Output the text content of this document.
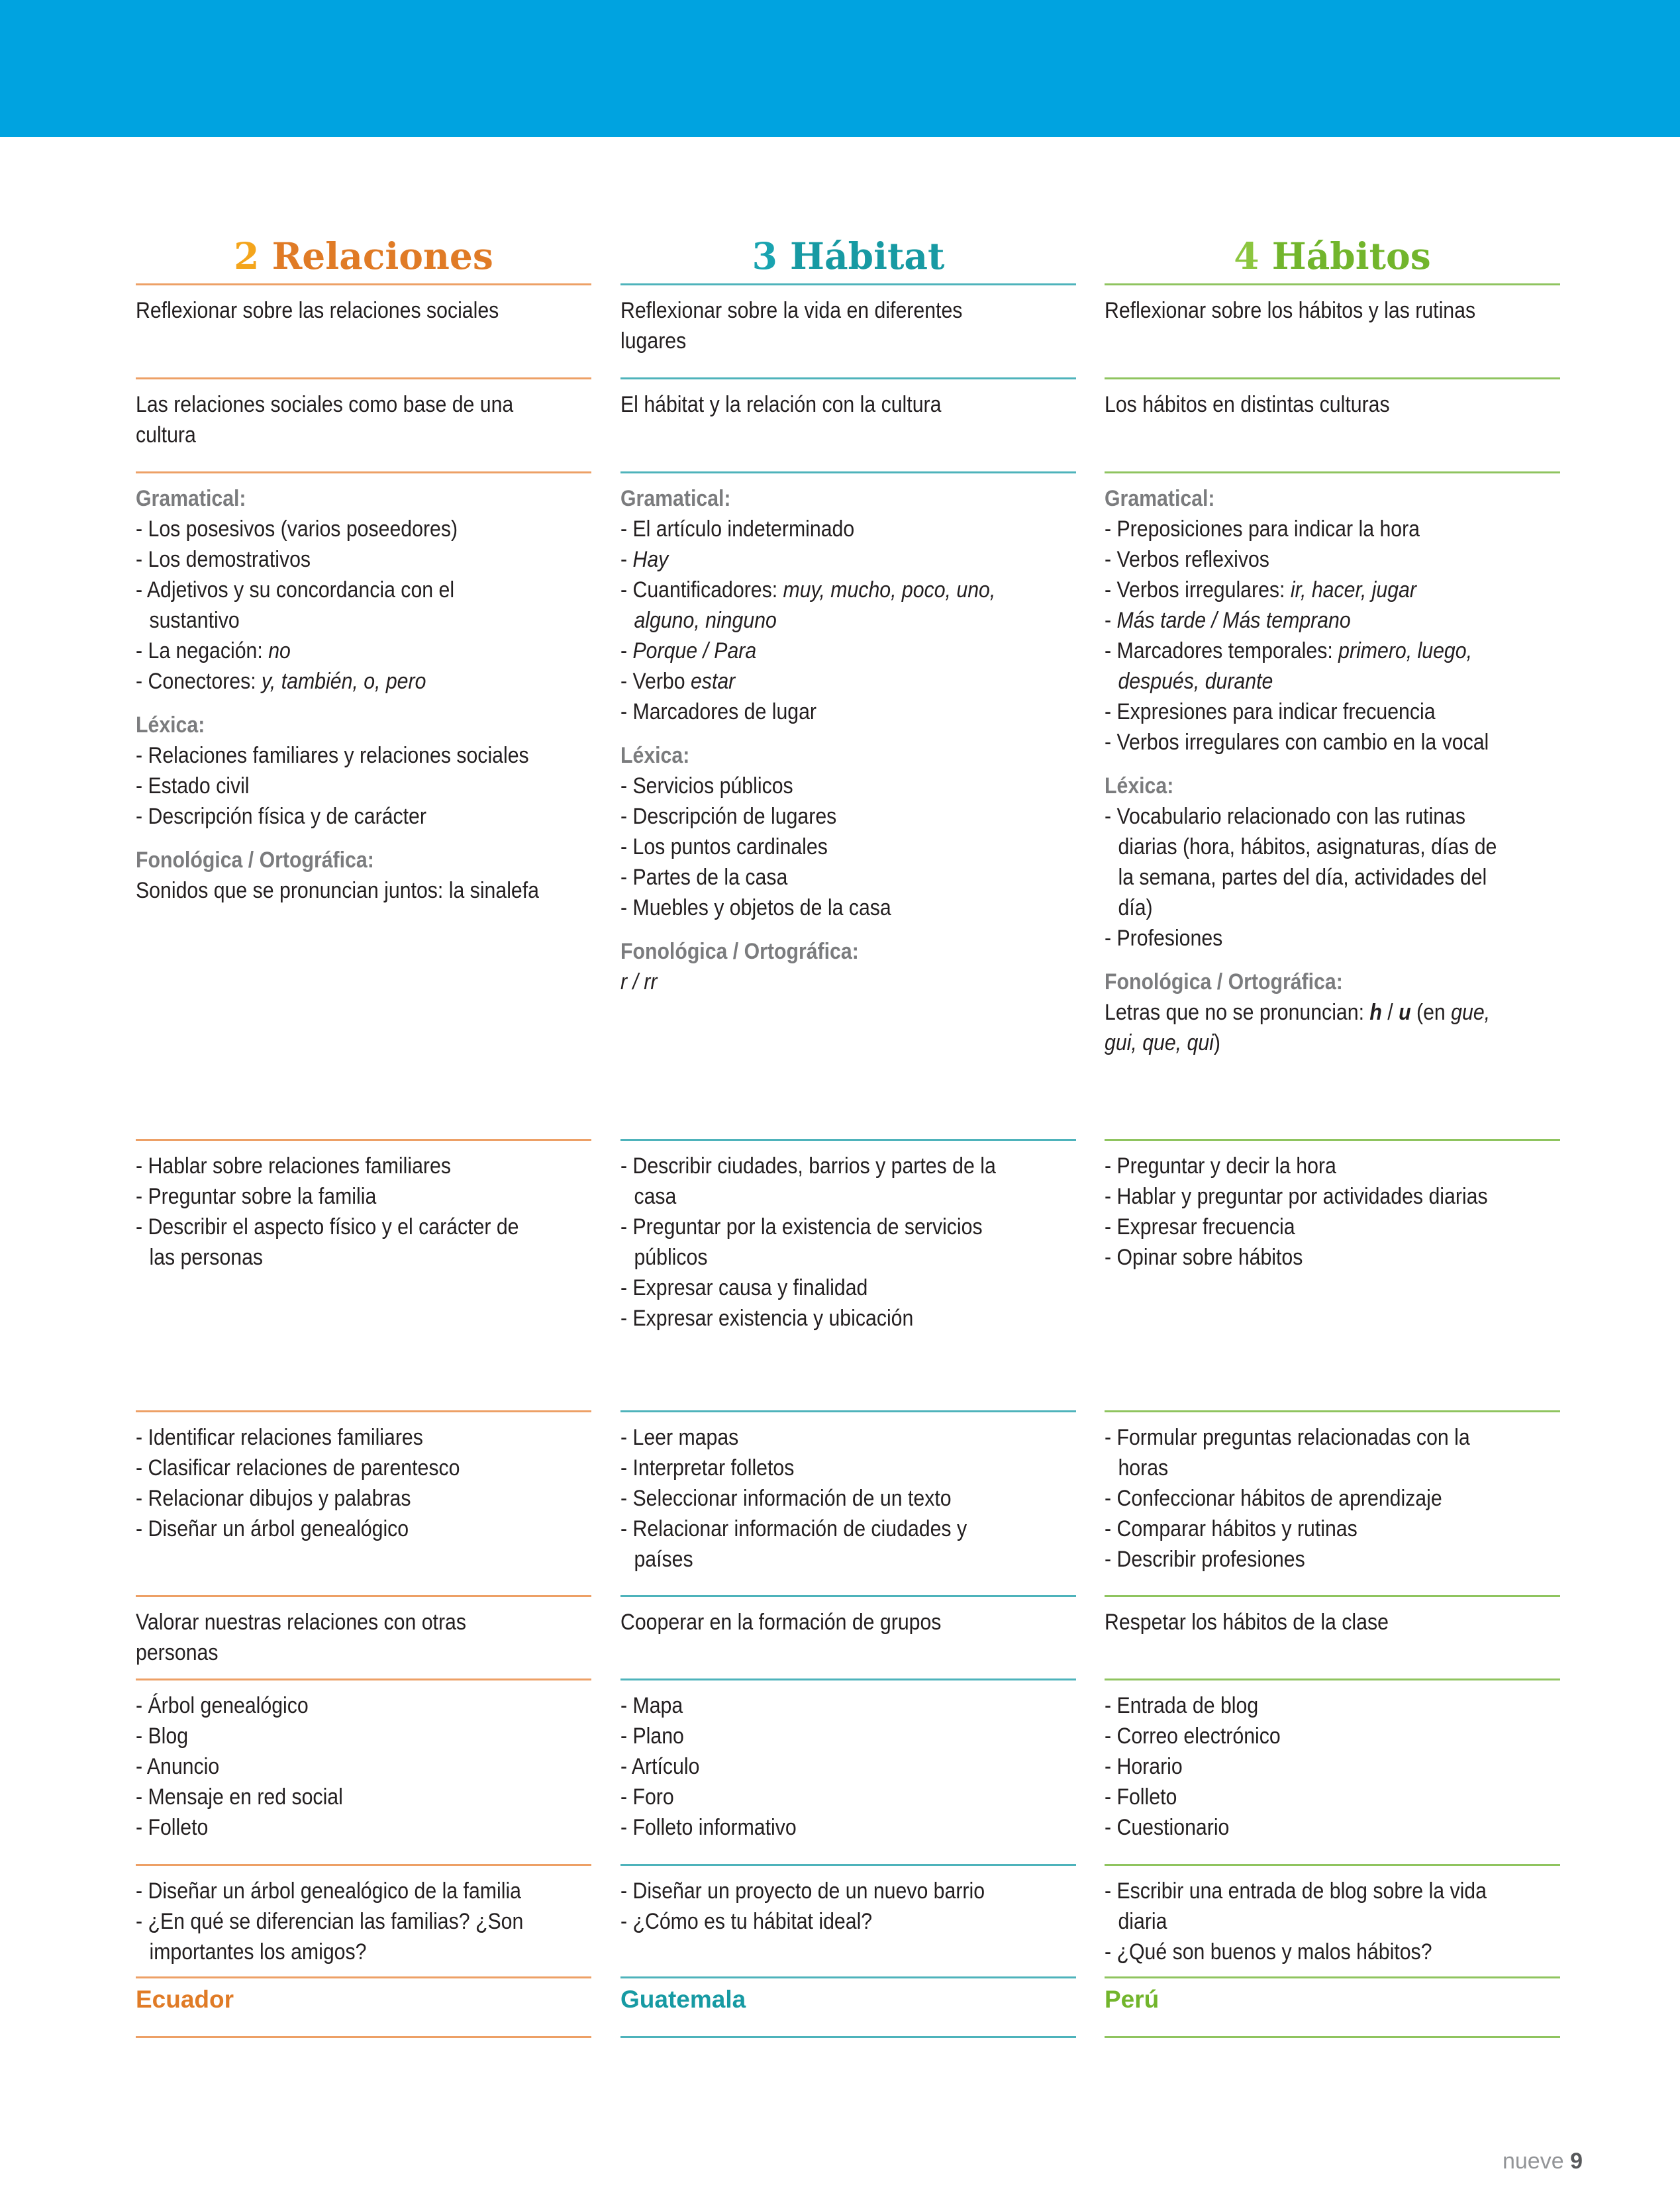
2 Relaciones
Ecuador

Reflexionar sobre las relaciones sociales

Las relaciones sociales como base de una cultura

Gramatical:

- Los posesivos (varios poseedores)

- Los demostrativos

- Adjetivos y su concordancia con el sustantivo

- La negación: no

- Conectores: y, también, o, pero

Léxica:

- Relaciones familiares y relaciones sociales

- Estado civil

- Descripción física y de carácter

Fonológica / Ortográfica:

Sonidos que se pronuncian juntos: la sinalefa

- Hablar sobre relaciones familiares

- Preguntar sobre la familia

- Describir el aspecto físico y el carácter de las personas

- Identificar relaciones familiares

- Clasificar relaciones de parentesco

- Relacionar dibujos y palabras

- Diseñar un árbol genealógico

Valorar nuestras relaciones con otras personas

- Árbol genealógico

- Blog

- Anuncio

- Mensaje en red social

- Folleto

- Diseñar un árbol genealógico de la familia

- ¿En qué se diferencian las familias? ¿Son importantes los amigos?

3 Hábitat
Guatemala

Reflexionar sobre la vida en diferentes lugares

El hábitat y la relación con la cultura

Gramatical:

- El artículo indeterminado

- Hay

- Cuantificadores: muy, mucho, poco, uno, alguno, ninguno

- Porque / Para

- Verbo estar

- Marcadores de lugar

Léxica:

- Servicios públicos

- Descripción de lugares

- Los puntos cardinales

- Partes de la casa

- Muebles y objetos de la casa

Fonológica / Ortográfica:

r / rr

- Describir ciudades, barrios y partes de la casa

- Preguntar por la existencia de servicios públicos

- Expresar causa y finalidad

- Expresar existencia y ubicación

- Leer mapas

- Interpretar folletos

- Seleccionar información de un texto

- Relacionar información de ciudades y países

Cooperar en la formación de grupos

- Mapa

- Plano

- Artículo

- Foro

- Folleto informativo

- Diseñar un proyecto de un nuevo barrio

- ¿Cómo es tu hábitat ideal?

4 Hábitos
Perú

Reflexionar sobre los hábitos y las rutinas

Los hábitos en distintas culturas

Gramatical:

- Preposiciones para indicar la hora

- Verbos reflexivos

- Verbos irregulares: ir, hacer, jugar

- Más tarde / Más temprano

- Marcadores temporales: primero, luego, después, durante

- Expresiones para indicar frecuencia

- Verbos irregulares con cambio en la vocal

Léxica:

- Vocabulario relacionado con las rutinas diarias (hora, hábitos, asignaturas, días de la semana, partes del día, actividades del día)

- Profesiones

Fonológica / Ortográfica:

Letras que no se pronuncian: h / u (en gue, gui, que, qui)

- Preguntar y decir la hora

- Hablar y preguntar por actividades diarias

- Expresar frecuencia

- Opinar sobre hábitos

- Formular preguntas relacionadas con la horas

- Confeccionar hábitos de aprendizaje

- Comparar hábitos y rutinas

- Describir profesiones

Respetar los hábitos de la clase

- Entrada de blog

- Correo electrónico

- Horario

- Folleto

- Cuestionario

- Escribir una entrada de blog sobre la vida diaria

- ¿Qué son buenos y malos hábitos?

nueve 9
